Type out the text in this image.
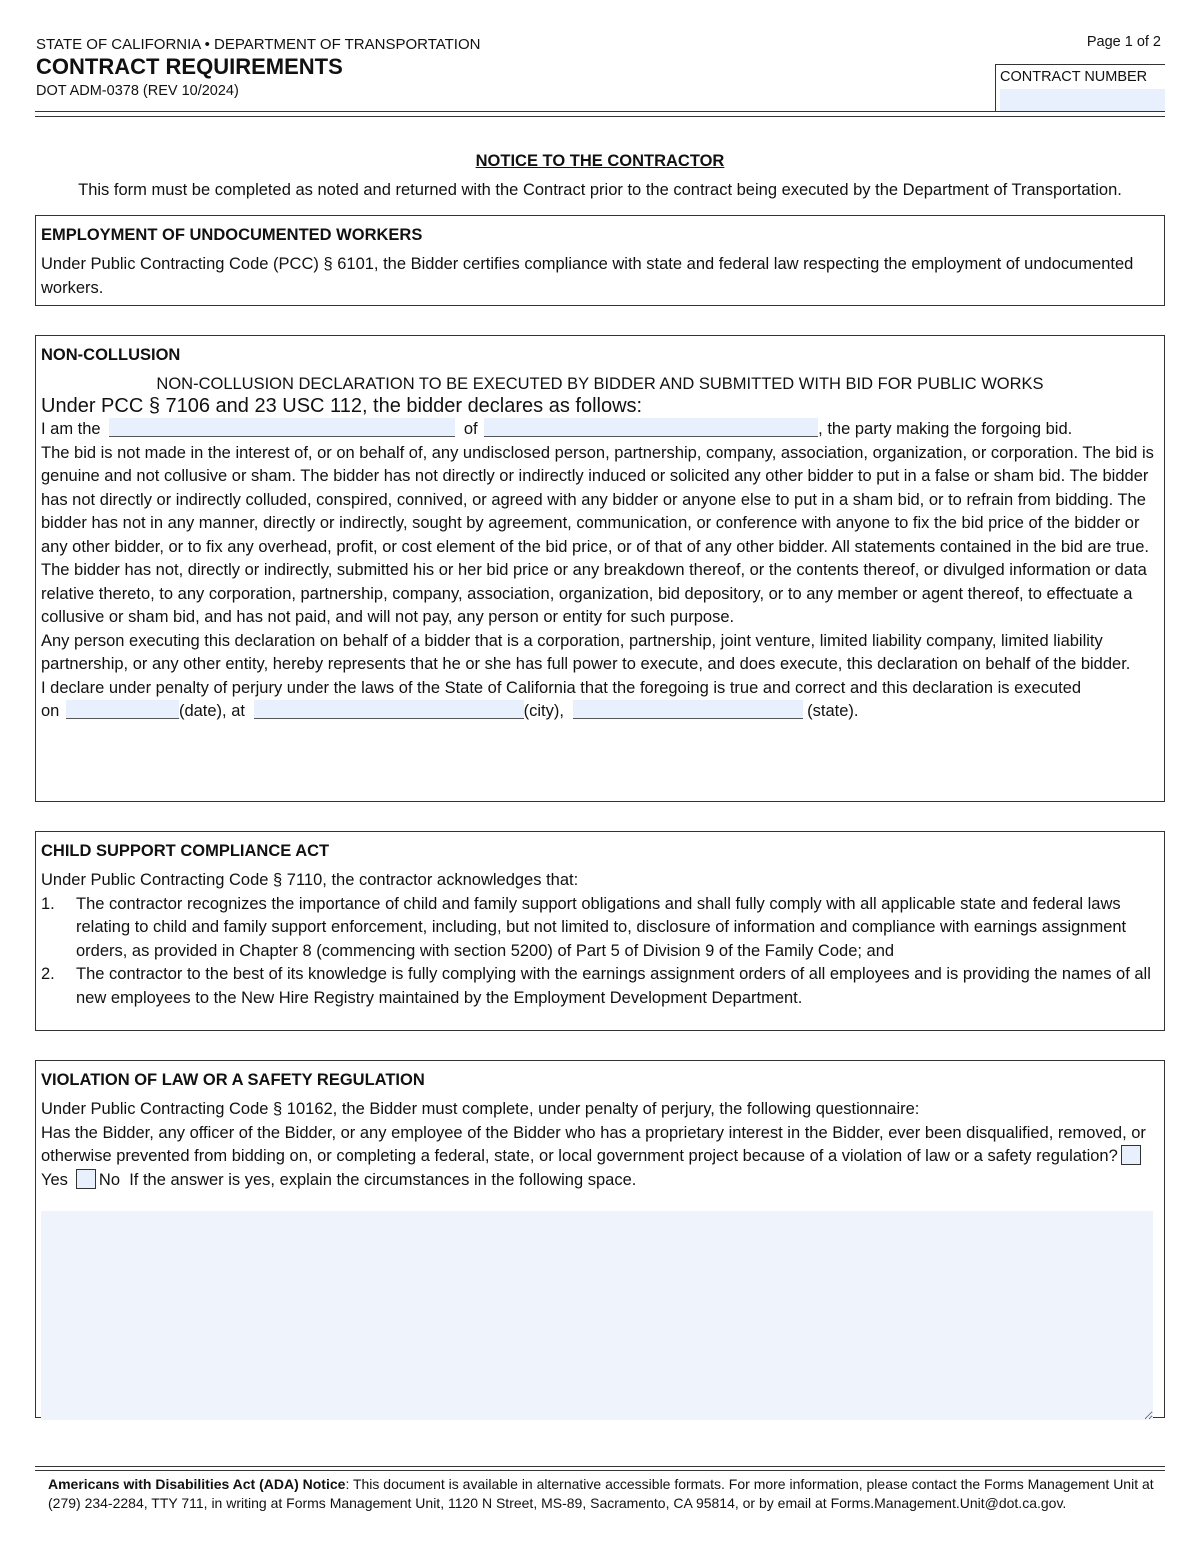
STATE OF CALIFORNIA • DEPARTMENT OF TRANSPORTATION
CONTRACT REQUIREMENTS
DOT ADM-0378 (REV 10/2024)
Page 1 of 2
CONTRACT NUMBER
NOTICE TO THE CONTRACTOR
This form must be completed as noted and returned with the Contract prior to the contract being executed by the Department of Transportation.
EMPLOYMENT OF UNDOCUMENTED WORKERS

Under Public Contracting Code (PCC) § 6101, the Bidder certifies compliance with state and federal law respecting the employment of undocumented workers.

NON-COLLUSION
NON-COLLUSION DECLARATION TO BE EXECUTED BY BIDDER AND SUBMITTED WITH BID FOR PUBLIC WORKS
Under PCC § 7106 and 23 USC 112, the bidder declares as follows:
I am the	of	, the party making the forgoing bid.

The bid is not made in the interest of, or on behalf of, any undisclosed person, partnership, company, association, organization, or corporation. The bid is genuine and not collusive or sham. The bidder has not directly or indirectly induced or solicited any other bidder to put in a false or sham bid. The bidder has not directly or indirectly colluded, conspired, connived, or agreed with any bidder or anyone else to put in a sham bid, or to refrain from bidding. The bidder has not in any manner, directly or indirectly, sought by agreement, communication, or conference with anyone to fix the bid price of the bidder or any other bidder, or to fix any overhead, profit, or cost element of the bid price, or of that of any other bidder. All statements contained in the bid are true. The bidder has not, directly or indirectly, submitted his or her bid price or any breakdown thereof, or the contents thereof, or divulged information or data relative thereto, to any corporation, partnership, company, association, organization, bid depository, or to any member or agent thereof, to effectuate a collusive or sham bid, and has not paid, and will not pay, any person or entity for such purpose.

Any person executing this declaration on behalf of a bidder that is a corporation, partnership, joint venture, limited liability company, limited liability partnership, or any other entity, hereby represents that he or she has full power to execute, and does execute, this declaration on behalf of the bidder.

I declare under penalty of perjury under the laws of the State of California that the foregoing is true and correct and this declaration is executed

on	(date), at	(city),	(state).
CHILD SUPPORT COMPLIANCE ACT

Under Public Contracting Code § 7110, the contractor acknowledges that:

1. The contractor recognizes the importance of child and family support obligations and shall fully comply with all applicable state and federal laws relating to child and family support enforcement, including, but not limited to, disclosure of information and compliance with earnings assignment orders, as provided in Chapter 8 (commencing with section 5200) of Part 5 of Division 9 of the Family Code; and
2. The contractor to the best of its knowledge is fully complying with the earnings assignment orders of all employees and is providing the names of all new employees to the New Hire Registry maintained by the Employment Development Department.
VIOLATION OF LAW OR A SAFETY REGULATION

Under Public Contracting Code § 10162, the Bidder must complete, under penalty of perjury, the following questionnaire:

Has the Bidder, any officer of the Bidder, or any employee of the Bidder who has a proprietary interest in the Bidder, ever been disqualified, removed, or otherwise prevented from bidding on, or completing a federal, state, or local government project because of a violation of law or a safety regulation?Yes No If the answer is yes, explain the circumstances in the following space.

Americans with Disabilities Act (ADA) Notice: This document is available in alternative accessible formats. For more information, please contact the Forms Management Unit at (279) 234-2284, TTY 711, in writing at Forms Management Unit, 1120 N Street, MS-89, Sacramento, CA 95814, or by email at Forms.Management.Unit@dot.ca.gov.
